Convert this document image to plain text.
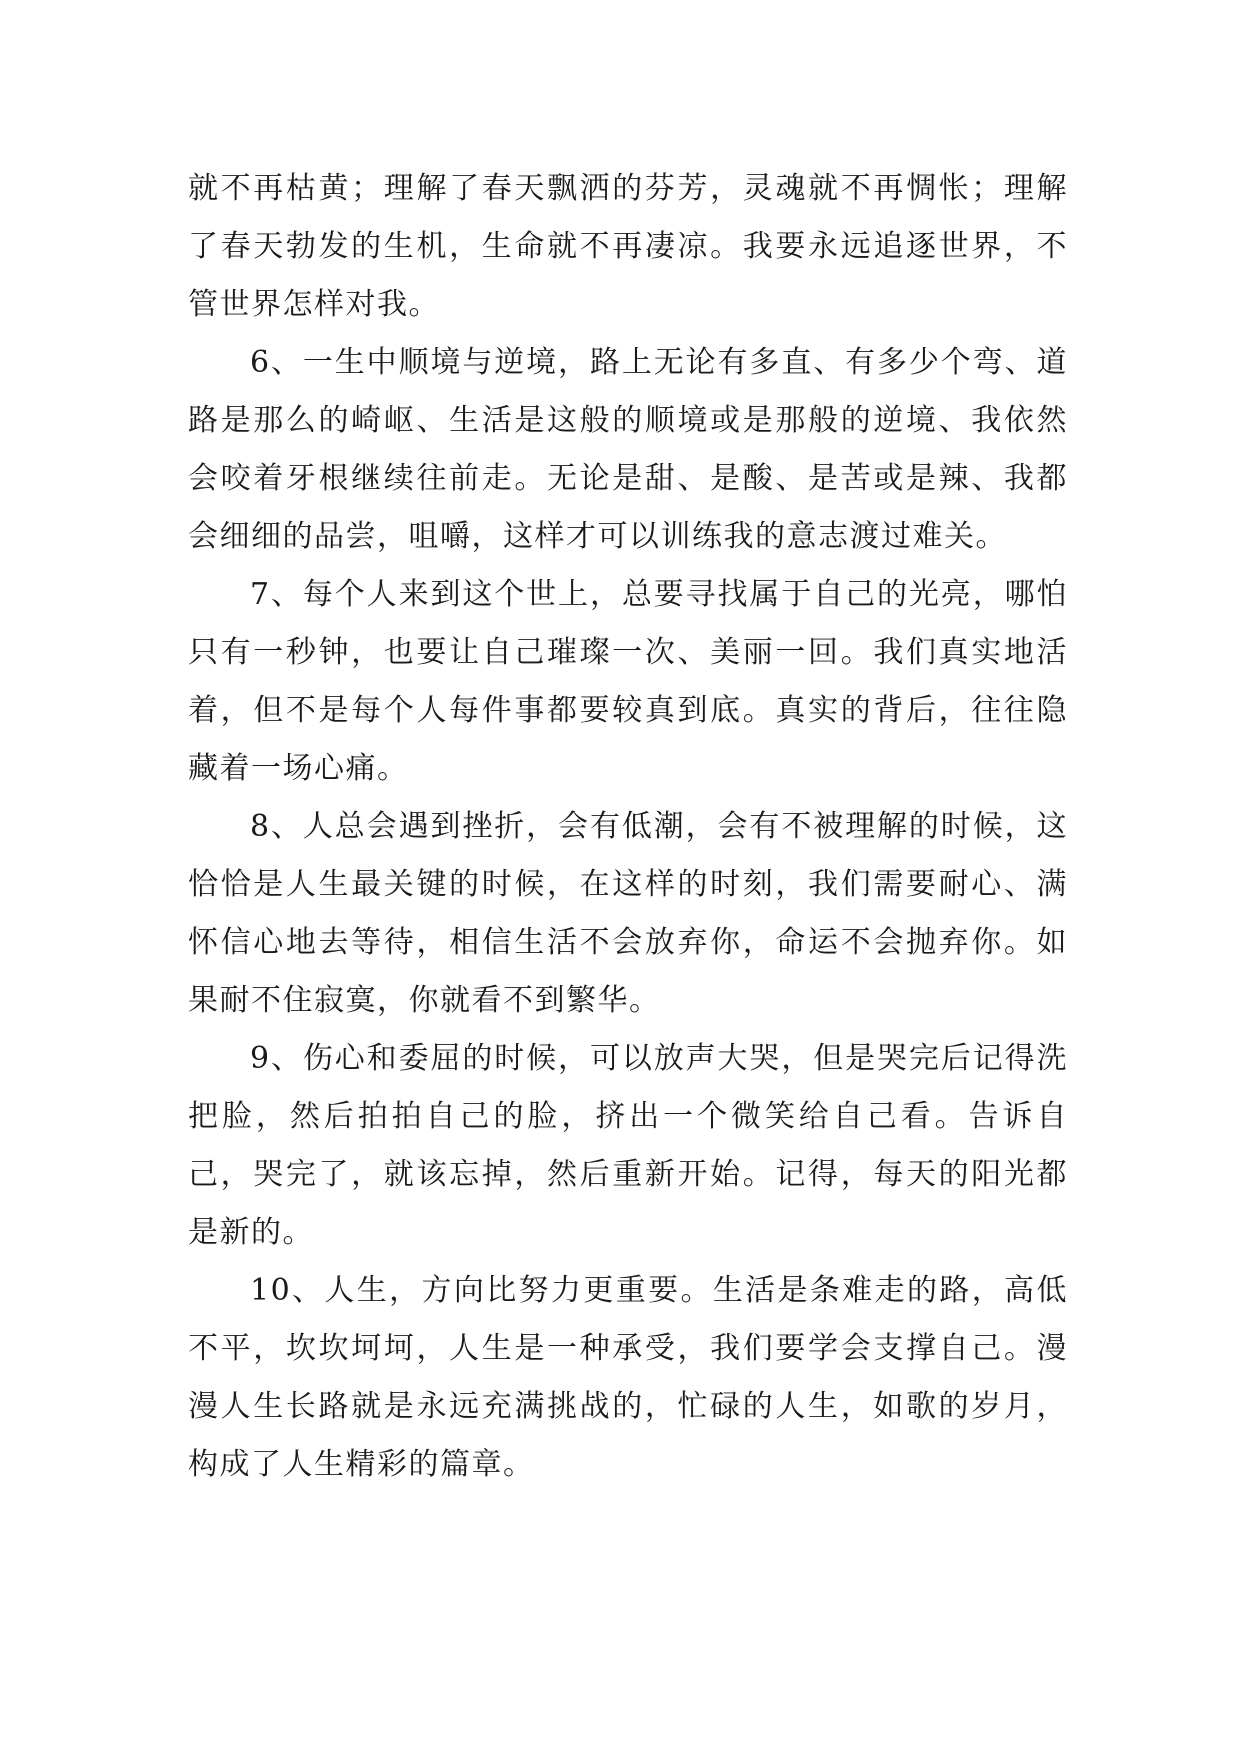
就不再枯黄；理解了春天飘洒的芬芳，灵魂就不再惆怅；理解了春天勃发的生机，生命就不再凄凉。我要永远追逐世界，不管世界怎样对我。

6、一生中顺境与逆境，路上无论有多直、有多少个弯、道路是那么的崎岖、生活是这般的顺境或是那般的逆境、我依然会咬着牙根继续往前走。无论是甜、是酸、是苦或是辣、我都会细细的品尝，咀嚼，这样才可以训练我的意志渡过难关。

7、每个人来到这个世上，总要寻找属于自己的光亮，哪怕只有一秒钟，也要让自己璀璨一次、美丽一回。我们真实地活着，但不是每个人每件事都要较真到底。真实的背后，往往隐藏着一场心痛。

8、人总会遇到挫折，会有低潮，会有不被理解的时候，这恰恰是人生最关键的时候，在这样的时刻，我们需要耐心、满怀信心地去等待，相信生活不会放弃你，命运不会抛弃你。如果耐不住寂寞，你就看不到繁华。

9、伤心和委屈的时候，可以放声大哭，但是哭完后记得洗把脸，然后拍拍自己的脸，挤出一个微笑给自己看。告诉自己，哭完了，就该忘掉，然后重新开始。记得，每天的阳光都是新的。

10、人生，方向比努力更重要。生活是条难走的路，高低不平，坎坎坷坷，人生是一种承受，我们要学会支撑自己。漫漫人生长路就是永远充满挑战的，忙碌的人生，如歌的岁月，构成了人生精彩的篇章。
